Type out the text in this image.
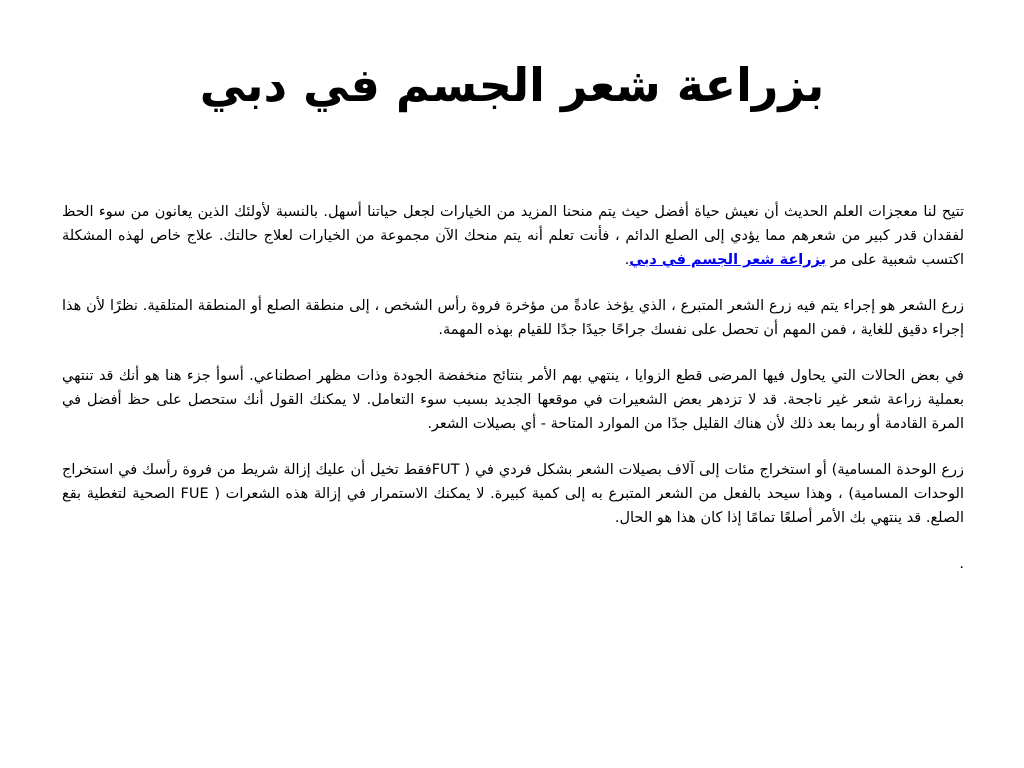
بزراعة شعر الجسم في دبي

تتيح لنا معجزات العلم الحديث أن نعيش حياة أفضل حيث يتم منحنا المزيد من الخيارات لجعل حياتنا أسهل. بالنسبة لأولئك الذين يعانون من سوء الحظ لفقدان قدر كبير من شعرهم مما يؤدي إلى الصلع الدائم ، فأنت تعلم أنه يتم منحك الآن مجموعة من الخيارات لعلاج حالتك. علاج خاص لهذه المشكلة اكتسب شعبية على مر بزراعة شعر الجسم في دبي.

زرع الشعر هو إجراء يتم فيه زرع الشعر المتبرع ، الذي يؤخذ عادةً من مؤخرة فروة رأس الشخص ، إلى منطقة الصلع أو المنطقة المتلقية. نظرًا لأن هذا إجراء دقيق للغاية ، فمن المهم أن تحصل على نفسك جراحًا جيدًا جدًا للقيام بهذه المهمة.

في بعض الحالات التي يحاول فيها المرضى قطع الزوايا ، ينتهي بهم الأمر بنتائج منخفضة الجودة وذات مظهر اصطناعي. أسوأ جزء هنا هو أنك قد تنتهي بعملية زراعة شعر غير ناجحة. قد لا تزدهر بعض الشعيرات في موقعها الجديد بسبب سوء التعامل. لا يمكنك القول أنك ستحصل على حظ أفضل في المرة القادمة أو ربما بعد ذلك لأن هناك القليل جدًا من الموارد المتاحة - أي بصيلات الشعر.

زرع الوحدة المسامية) أو استخراج مئات إلى آلاف بصيلات الشعر بشكل فردي في ( FUTفقط تخيل أن عليك إزالة شريط من فروة رأسك في استخراج الوحدات المسامية) ، وهذا سيحد بالفعل من الشعر المتبرع به إلى كمية كبيرة. لا يمكنك الاستمرار في إزالة هذه الشعرات ( FUE الصحية لتغطية بقع الصلع. قد ينتهي بك الأمر أصلعًا تمامًا إذا كان هذا هو الحال.

.
